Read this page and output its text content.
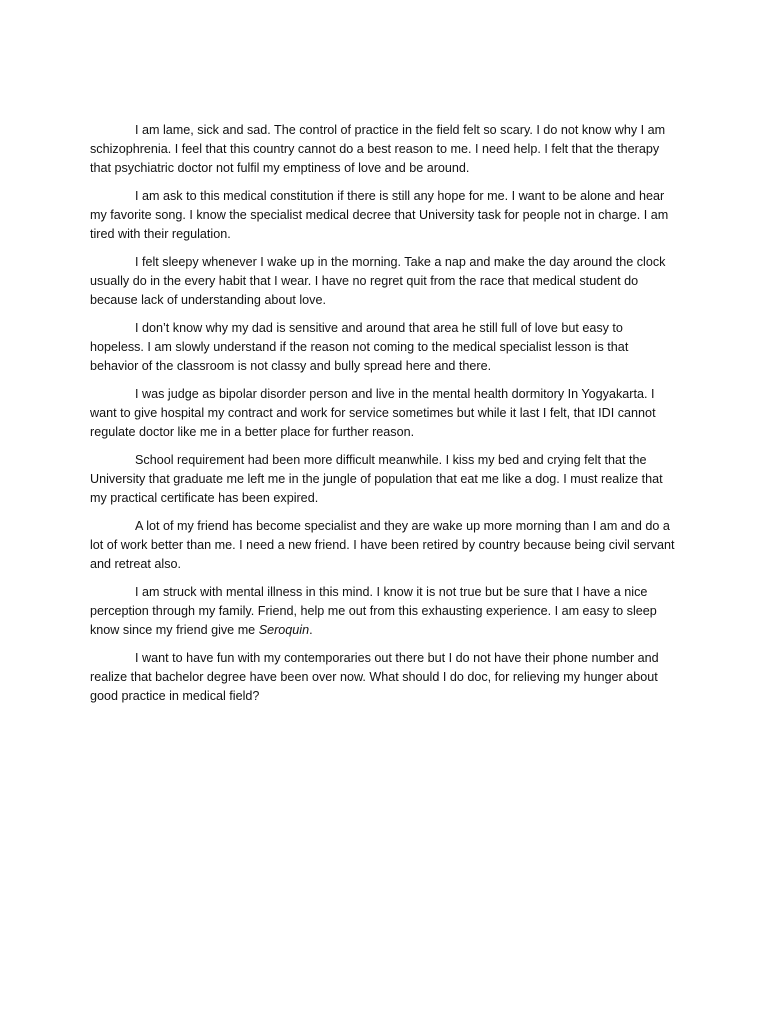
I am lame, sick and sad. The control of practice in the field felt so scary. I do not know why I am schizophrenia. I feel that this country cannot do a best reason to me. I need help. I felt that the therapy that psychiatric doctor not fulfil my emptiness of love and be around.

I am ask to this medical constitution if there is still any hope for me. I want to be alone and hear my favorite song. I know the specialist medical decree that University task for people not in charge. I am tired with their regulation.

I felt sleepy whenever I wake up in the morning. Take a nap and make the day around the clock usually do in the every habit that I wear. I have no regret quit from the race that medical student do because lack of understanding about love.

I don’t know why my dad is sensitive and around that area he still full of love but easy to hopeless. I am slowly understand if the reason not coming to the medical specialist lesson is that behavior of the classroom is not classy and bully spread here and there.

I was judge as bipolar disorder person and live in the mental health dormitory In Yogyakarta. I want to give hospital my contract and work for service sometimes but while it last I felt, that IDI cannot regulate doctor like me in a better place for further reason.

School requirement had been more difficult meanwhile. I kiss my bed and crying felt that the University that graduate me left me in the jungle of population that eat me like a dog. I must realize that my practical certificate has been expired.

A lot of my friend has become specialist and they are wake up more morning than I am and do a lot of work better than me. I need a new friend. I have been retired by country because being civil servant and retreat also.

I am struck with mental illness in this mind. I know it is not true but be sure that I have a nice perception through my family. Friend, help me out from this exhausting experience. I am easy to sleep know since my friend give me Seroquin.

I want to have fun with my contemporaries out there but I do not have their phone number and realize that bachelor degree have been over now. What should I do doc, for relieving my hunger about good practice in medical field?
